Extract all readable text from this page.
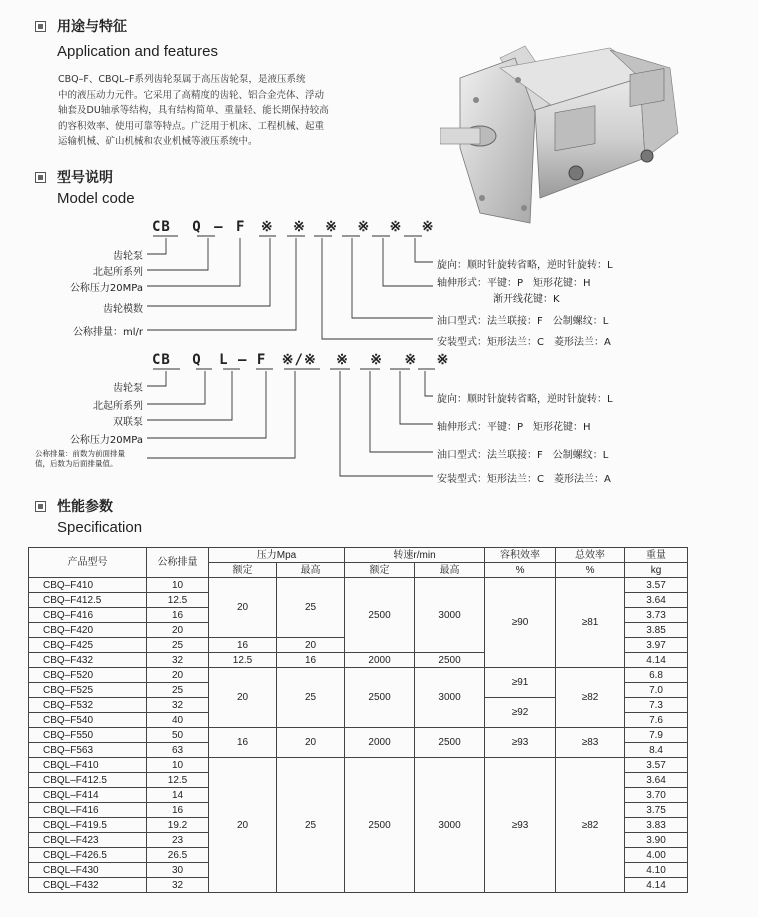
用途与特征
Application and features
CBQ–F、CBQL–F系列齿轮泵属于高压齿轮泵，是液压系统
中的液压动力元件。它采用了高精度的齿轮、铝合金壳体、浮动
轴套及DU轴承等结构，具有结构简单、重量轻、能长期保持较高
的容积效率、使用可靠等特点。广泛用于机床、工程机械、起重
运输机械、矿山机械和农业机械等液压系统中。
型号说明
Model code
CB Q – F ※ ※ ※ ※ ※ ※
齿轮泵
北起所系列
公称压力20MPa
齿轮模数
公称排量：ml/r
旋向：顺时针旋转省略，逆时针旋转：L
轴伸形式：平键：P　矩形花键：H
渐开线花键：K
油口型式：法兰联接：F　公制螺纹：L
安装型式：矩形法兰：C　菱形法兰：A
CB Q L – F ※/※ ※ ※ ※ ※
齿轮泵
北起所系列
双联泵
公称压力20MPa
公称排量：前数为前面排量
值，后数为后面排量值。
旋向：顺时针旋转省略，逆时针旋转：L
轴伸形式：平键：P　矩形花键：H
油口型式：法兰联接：F　公制螺纹：L
安装型式：矩形法兰：C　菱形法兰：A
性能参数
Specification
产品型号	公称排量	压力Mpa		转速r/min		容积效率	总效率	重量
		额定	最高	额定	最高	%	%	kg
CBQ–F410	10	20	25	2500	3000	≥90	≥81	3.57
CBQ–F412.5	12.5							3.64
CBQ–F416	16							3.73
CBQ–F420	20							3.85
CBQ–F425	25	16	20					3.97
CBQ–F432	32	12.5	16	2000	2500			4.14
CBQ–F520	20	20	25	2500	3000	≥91	≥82	6.8
CBQ–F525	25							7.0
CBQ–F532	32					≥92		7.3
CBQ–F540	40							7.6
CBQ–F550	50	16	20	2000	2500	≥93	≥83	7.9
CBQ–F563	63							8.4
CBQL–F410	10	20	25	2500	3000	≥93	≥82	3.57
CBQL–F412.5	12.5							3.64
CBQL–F414	14							3.70
CBQL–F416	16							3.75
CBQL–F419.5	19.2							3.83
CBQL–F423	23							3.90
CBQL–F426.5	26.5							4.00
CBQL–F430	30							4.10
CBQL–F432	32							4.14
